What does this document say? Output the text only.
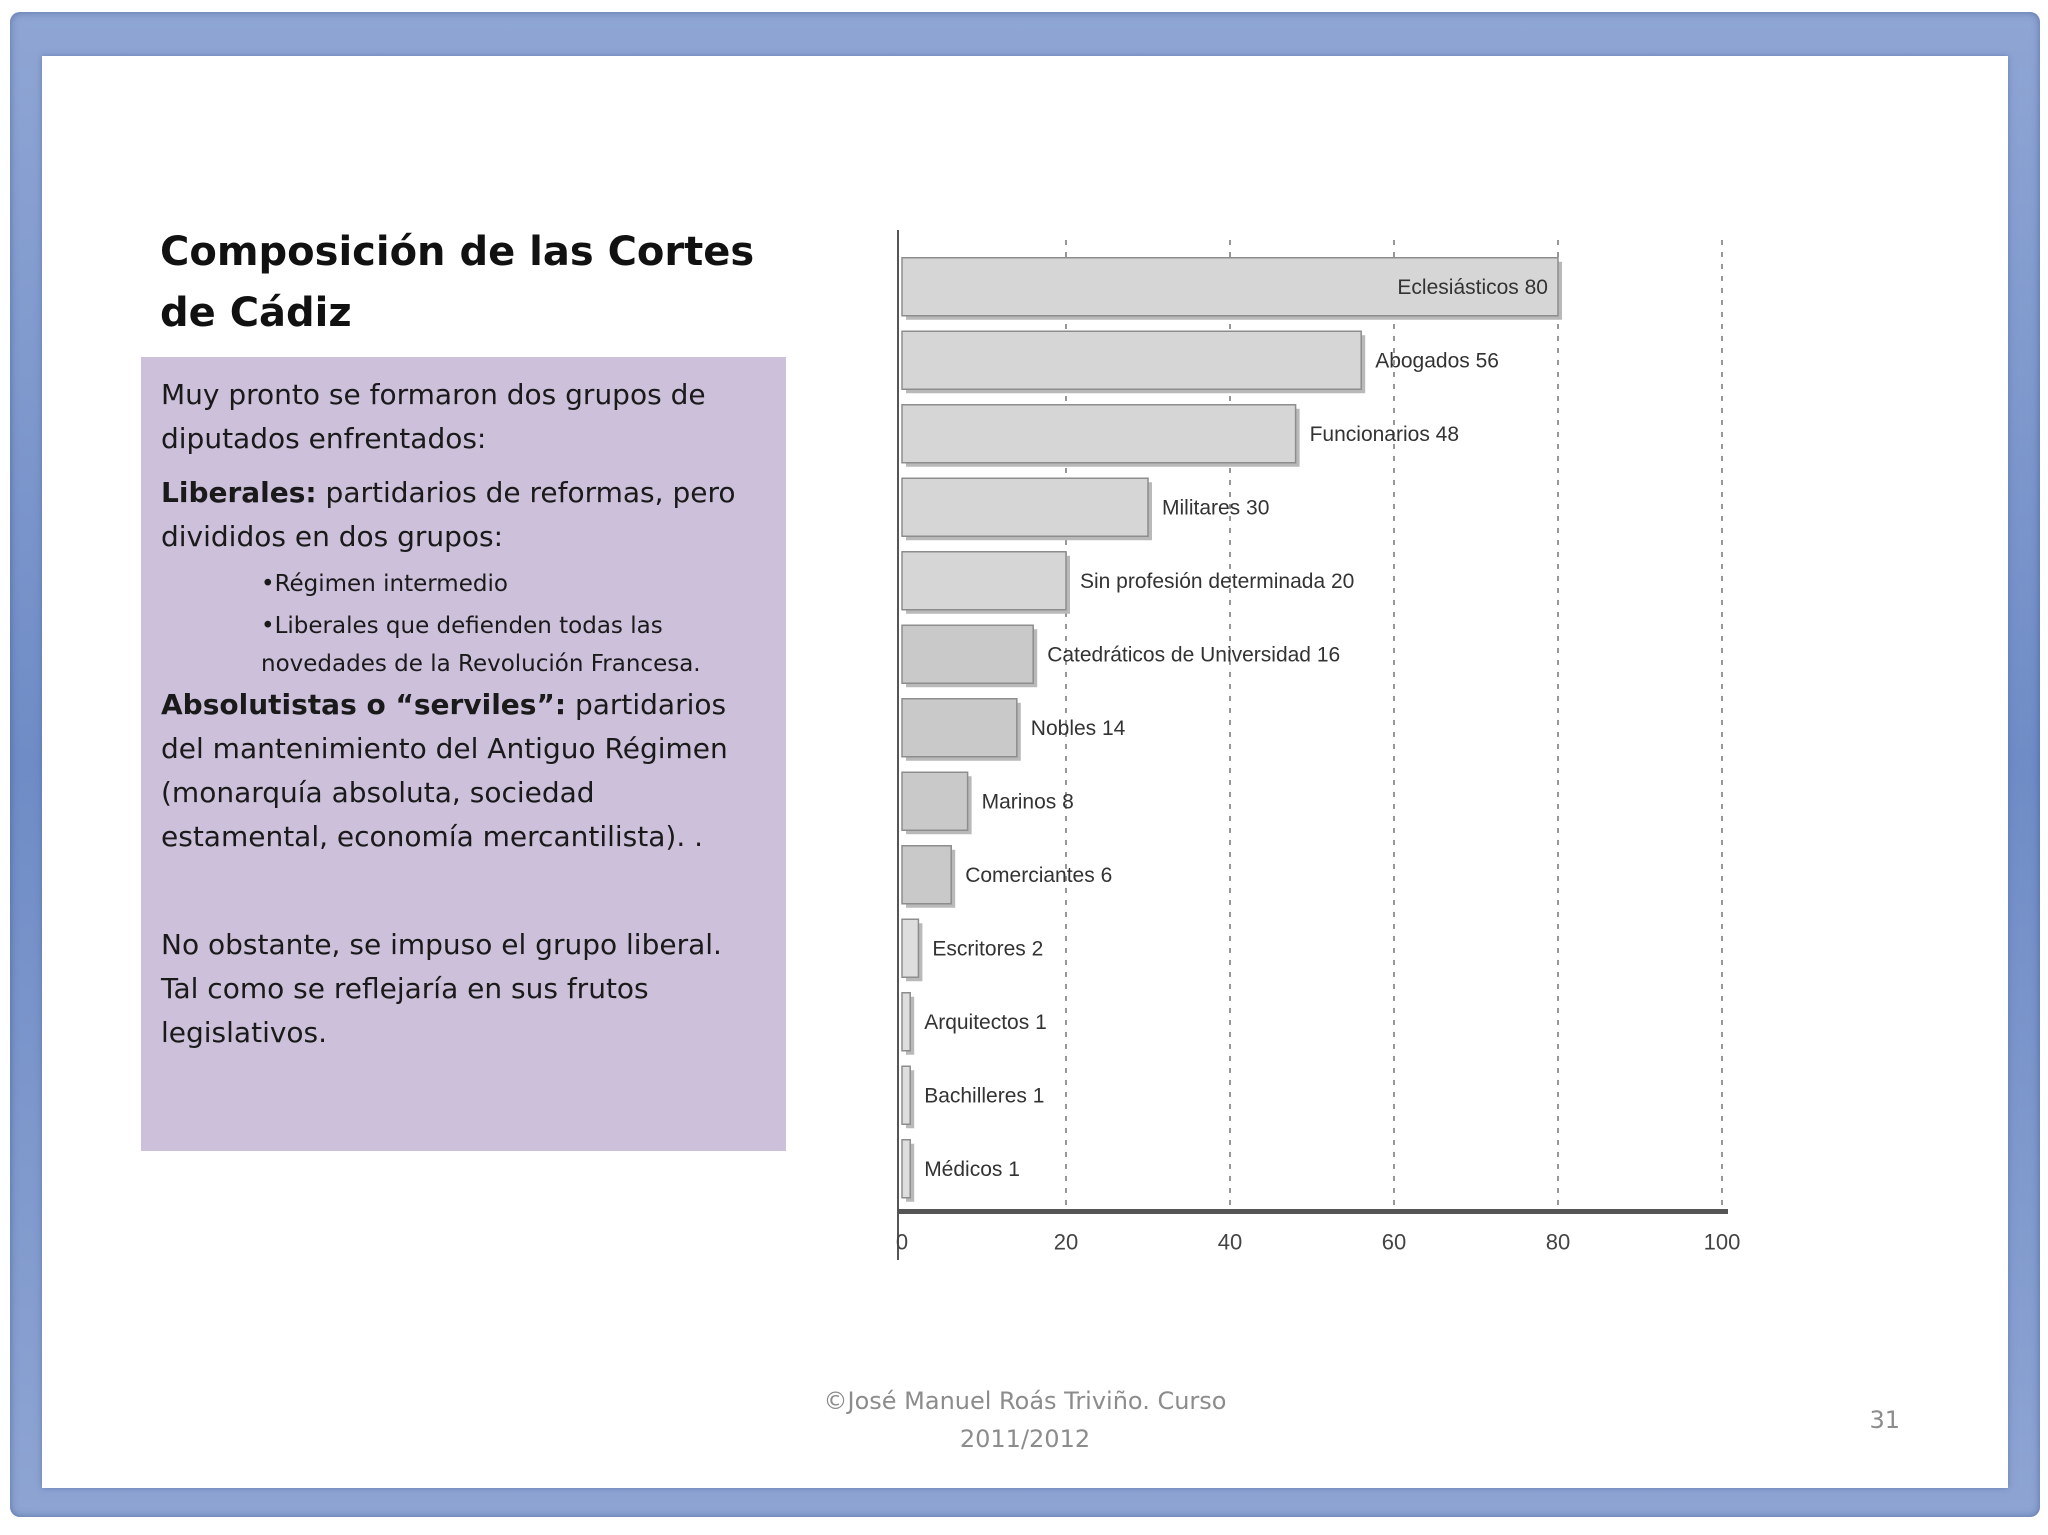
Composición de las Cortes de Cádiz

Muy pronto se formaron dos grupos de diputados enfrentados:

Liberales: partidarios de reformas, pero divididos en dos grupos:

•Régimen intermedio

•Liberales que defienden todas las novedades de la Revolución Francesa.

Absolutistas o “serviles”: partidarios del mantenimiento del Antiguo Régimen (monarquía absoluta, sociedad estamental, economía mercantilista). .

No obstante, se impuso el grupo liberal. Tal como se reflejaría en sus frutos legislativos.

Eclesiásticos 80
Abogados 56
Funcionarios 48
Militares 30
Sin profesión determinada 20
Catedráticos de Universidad 16
Nobles 14
Marinos 8
Comerciantes 6
Escritores 2
Arquitectos 1
Bachilleres 1
Médicos 1
0	20	40	60	80	100
©José Manuel Roás Triviño. Curso 2011/2012
31
